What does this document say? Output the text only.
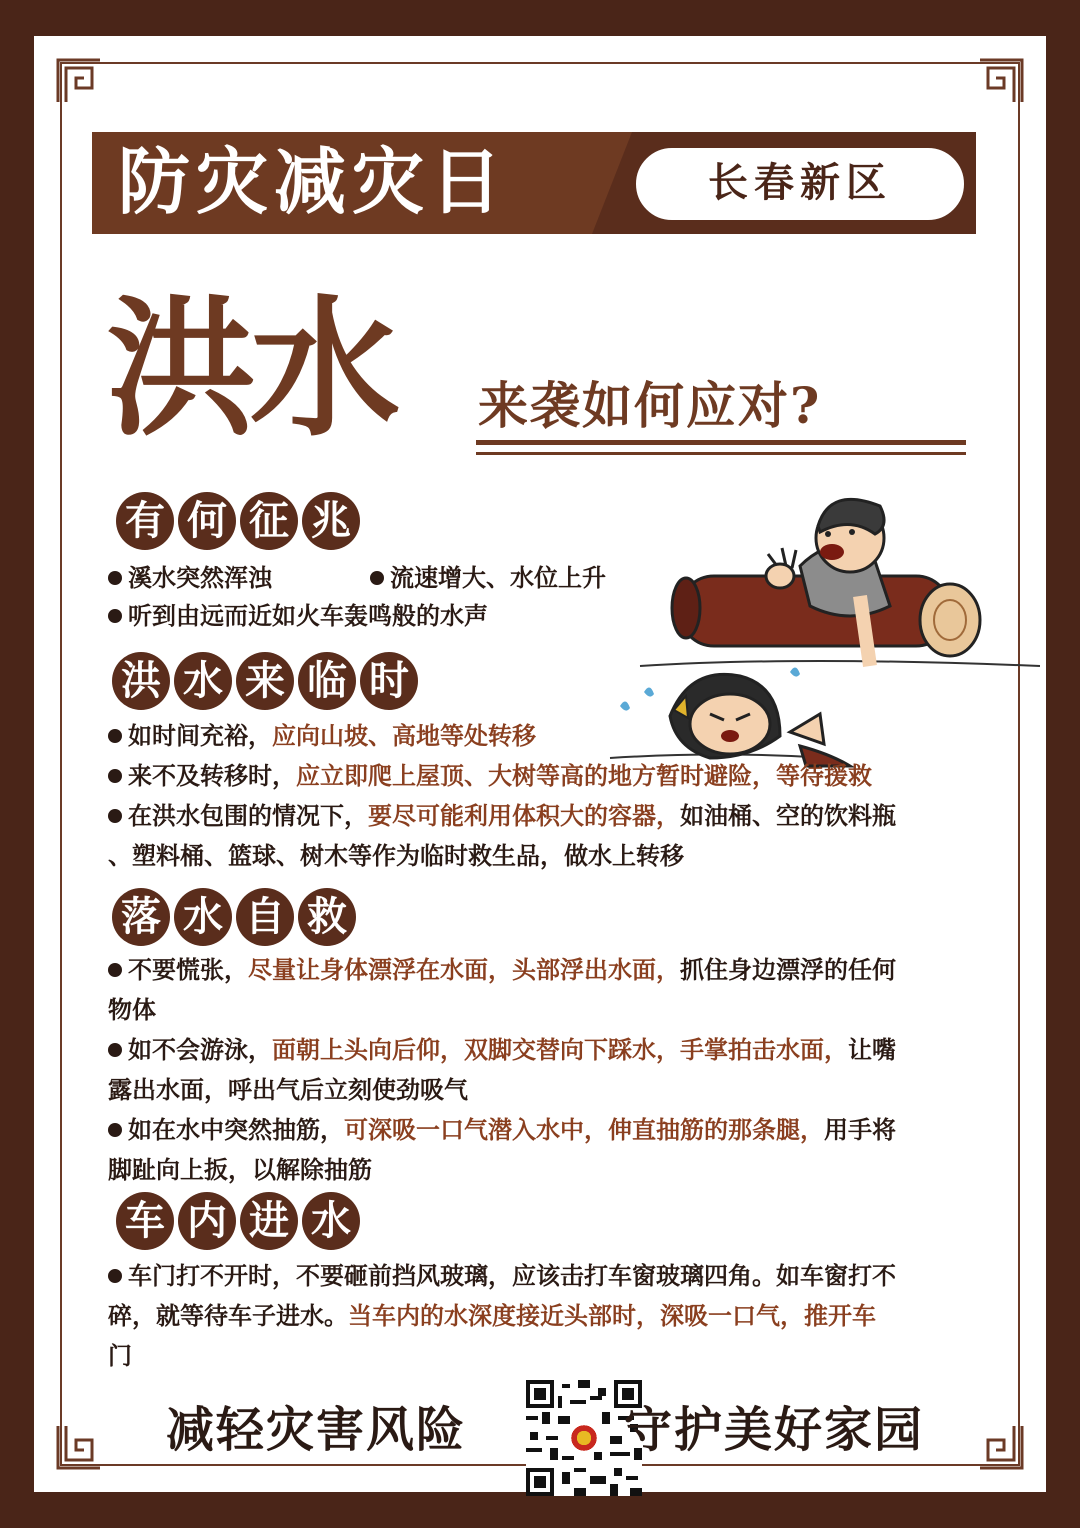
防灾减灾日	长春新区
洪水 来袭如何应对?
有 何 征 兆
溪水突然浑浊	流速增大、水位上升
听到由远而近如火车轰鸣般的水声
洪 水 来 临 时
如时间充裕，应向山坡、高地等处转移
来不及转移时，应立即爬上屋顶、大树等高的地方暂时避险，等待援救
在洪水包围的情况下，要尽可能利用体积大的容器，如油桶、空的饮料瓶
、塑料桶、篮球、树木等作为临时救生品，做水上转移
落 水 自 救
不要慌张，尽量让身体漂浮在水面，头部浮出水面，抓住身边漂浮的任何
物体
如不会游泳，面朝上头向后仰，双脚交替向下踩水，手掌拍击水面，让嘴
露出水面，呼出气后立刻使劲吸气
如在水中突然抽筋，可深吸一口气潜入水中，伸直抽筋的那条腿，用手将
脚趾向上扳，以解除抽筋
车 内 进 水
车门打不开时，不要砸前挡风玻璃，应该击打车窗玻璃四角。如车窗打不
碎，就等待车子进水。当车内的水深度接近头部时，深吸一口气，推开车
门
减轻灾害风险	守护美好家园
